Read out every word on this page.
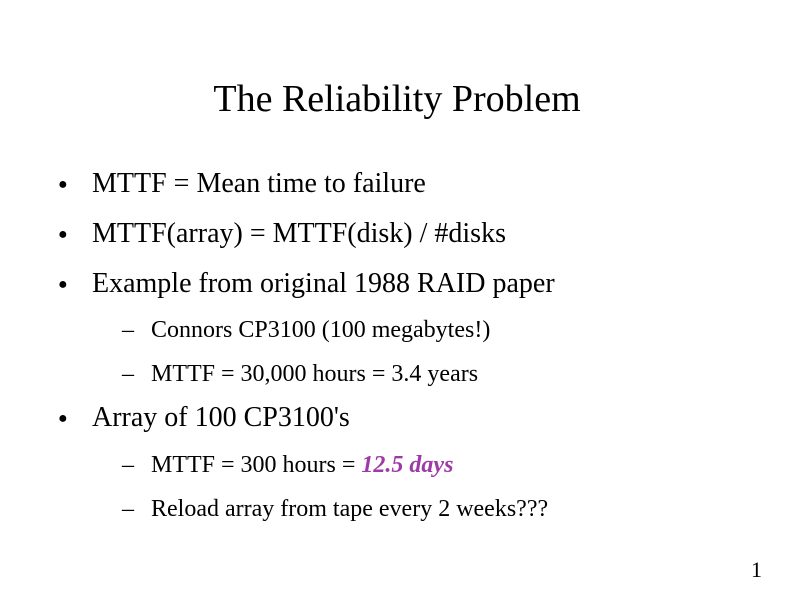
The Reliability Problem
● MTTF = Mean time to failure
● MTTF(array) = MTTF(disk) / #disks
● Example from original 1988 RAID paper
– Connors CP3100 (100 megabytes!)
– MTTF = 30,000 hours = 3.4 years
● Array of 100 CP3100's
– MTTF = 300 hours = 12.5 days
– Reload array from tape every 2 weeks???
1
